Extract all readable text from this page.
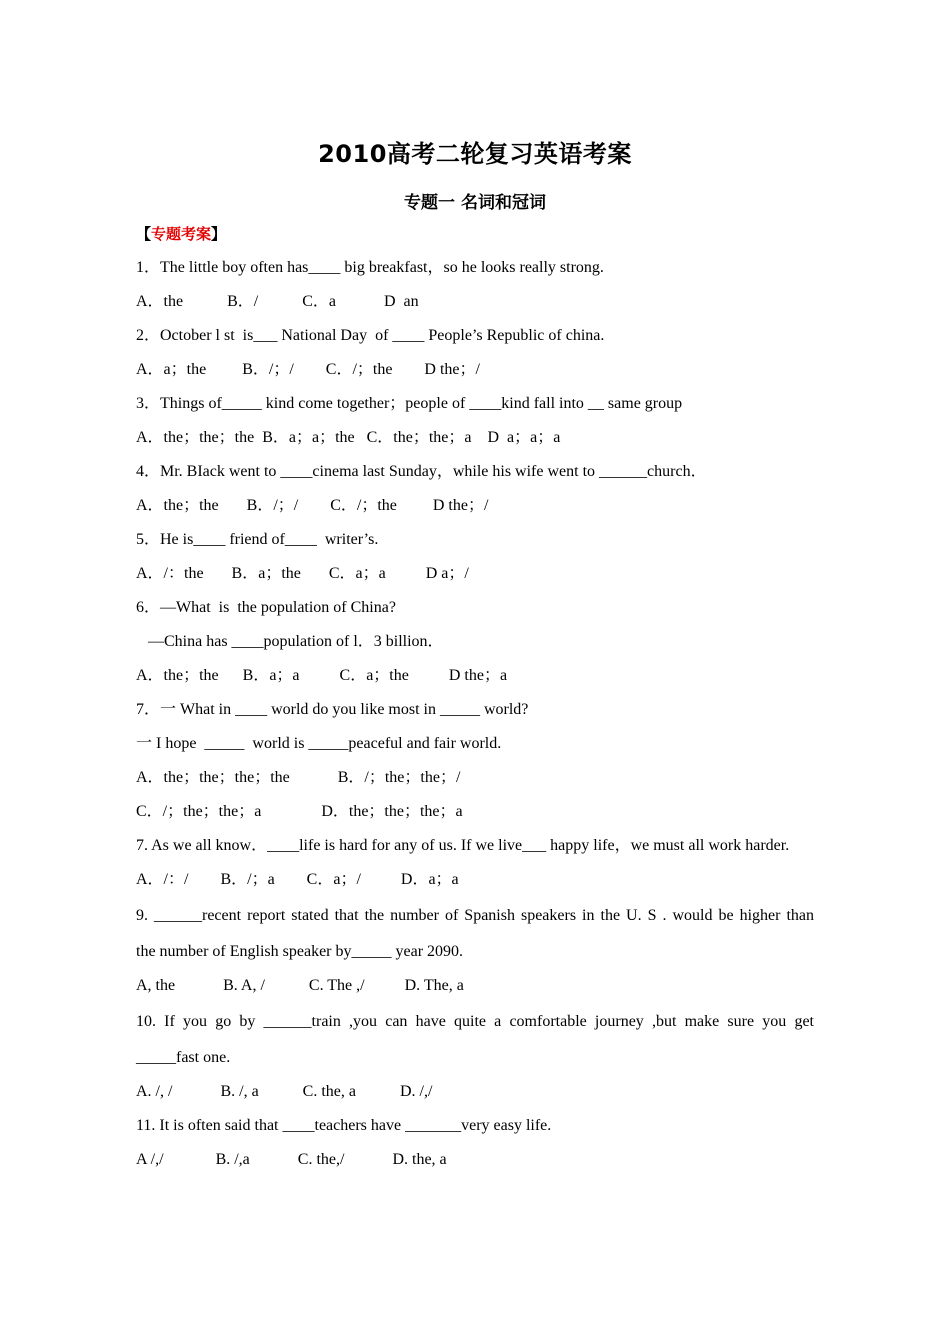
2010高考二轮复习英语考案
专题一 名词和冠词
【专题考案】
1．The little boy often has____ big breakfast，so he looks really strong.
A．the           B．/           C．a            D  an
2．October l st  is___ National Day  of ____ People’s Republic of china.
A．a；the         B．/；/        C．/；the        D the；/
3．Things of_____ kind come together；people of ____kind fall into __ same group
A．the；the；the  B．a；a；the   C．the；the；a    D  a；a；a
4．Mr. BIack went to ____cinema last Sunday，while his wife went to ______church．
A．the；the       B．/；/        C．/；the         D the；/
5．He is____ friend of____  writer’s.
A．/：the       B．a；the       C．a；a          D a；/
6．—What  is  the population of China?
—China has ____population of l．3 billion．
A．the；the      B．a；a          C．a；the          D the；a
7．一 What in ____ world do you like most in _____ world?
一 I hope  _____  world is _____peaceful and fair world.
A．the；the；the；the            B．/；the；the；/
C．/；the；the；a               D．the；the；the；a
7. As we all know．____life is hard for any of us. If we live___ happy life，we must all work harder.
A．/：/        B．/；a        C．a；/          D．a；a
9. ______recent report stated that the number of Spanish speakers in the U. S . would be higher than
the number of English speaker by_____ year 2090.
A, the            B. A, /           C. The ,/          D. The, a
10. If you go by ______train ,you can have quite a comfortable journey ,but make sure you get
_____fast one.
A. /, /            B. /, a           C. the, a           D. /,/
11. It is often said that ____teachers have _______very easy life.
A /,/             B. /,a            C. the,/            D. the, a
